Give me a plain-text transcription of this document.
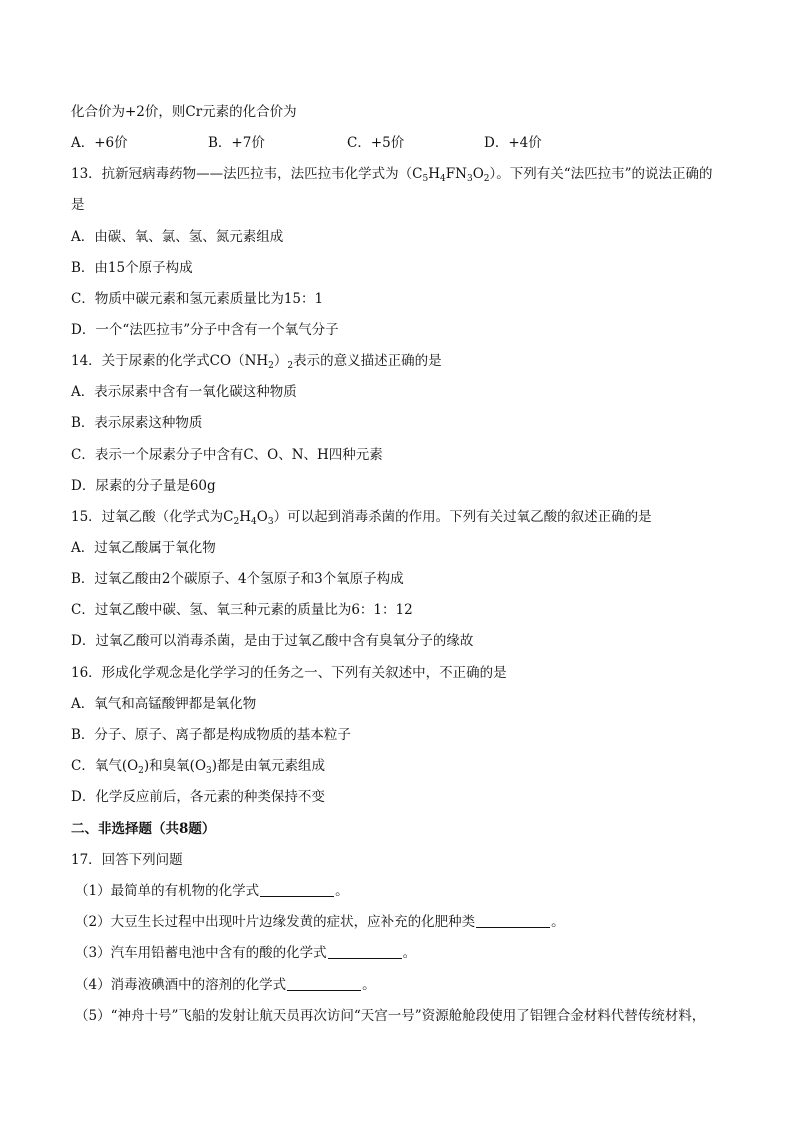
化合价为+2价，则Cr元素的化合价为
A．+6价	B．+7价	C．+5价	D．+4价
13．抗新冠病毒药物——法匹拉韦，法匹拉韦化学式为$(C_5H_4FN_3O_2)$。下列有关“法匹拉韦”的说法正确的
是
A．由碳、氧、氯、氢、氮元素组成
B．由15个原子构成
C．物质中碳元素和氢元素质量比为15：1
D．一个“法匹拉韦”分子中含有一个氧气分子
14．关于尿素的化学式$CO(NH_2)_2$表示的意义描述正确的是
A．表示尿素中含有一氧化碳这种物质
B．表示尿素这种物质
C．表示一个尿素分子中含有C、O、N、H四种元素
D．尿素的分子量是60g
15．过氧乙酸（化学式为$C_2H_4O_3$）可以起到消毒杀菌的作用。下列有关过氧乙酸的叙述正确的是
A．过氧乙酸属于氧化物
B．过氧乙酸由2个碳原子、4个氢原子和3个氧原子构成
C．过氧乙酸中碳、氢、氧三种元素的质量比为6：1：12
D．过氧乙酸可以消毒杀菌，是由于过氧乙酸中含有臭氧分子的缘故
16．形成化学观念是化学学习的任务之一、下列有关叙述中，不正确的是
A．氧气和高锰酸钾都是氧化物
B．分子、原子、离子都是构成物质的基本粒子
C．氧气$(O_2)$和臭氧$(O_3)$都是由氧元素组成
D．化学反应前后，各元素的种类保持不变
二、非选择题（共8题）
17．回答下列问题
（1）最简单的有机物的化学式	。
（2）大豆生长过程中出现叶片边缘发黄的症状，应补充的化肥种类	。
（3）汽车用铅蓄电池中含有的酸的化学式	。
（4）消毒液碘酒中的溶剂的化学式	。
（5）“神舟十号”飞船的发射让航天员再次访问“天宫一号”资源舱舱段使用了铝锂合金材料代替传统材料，
